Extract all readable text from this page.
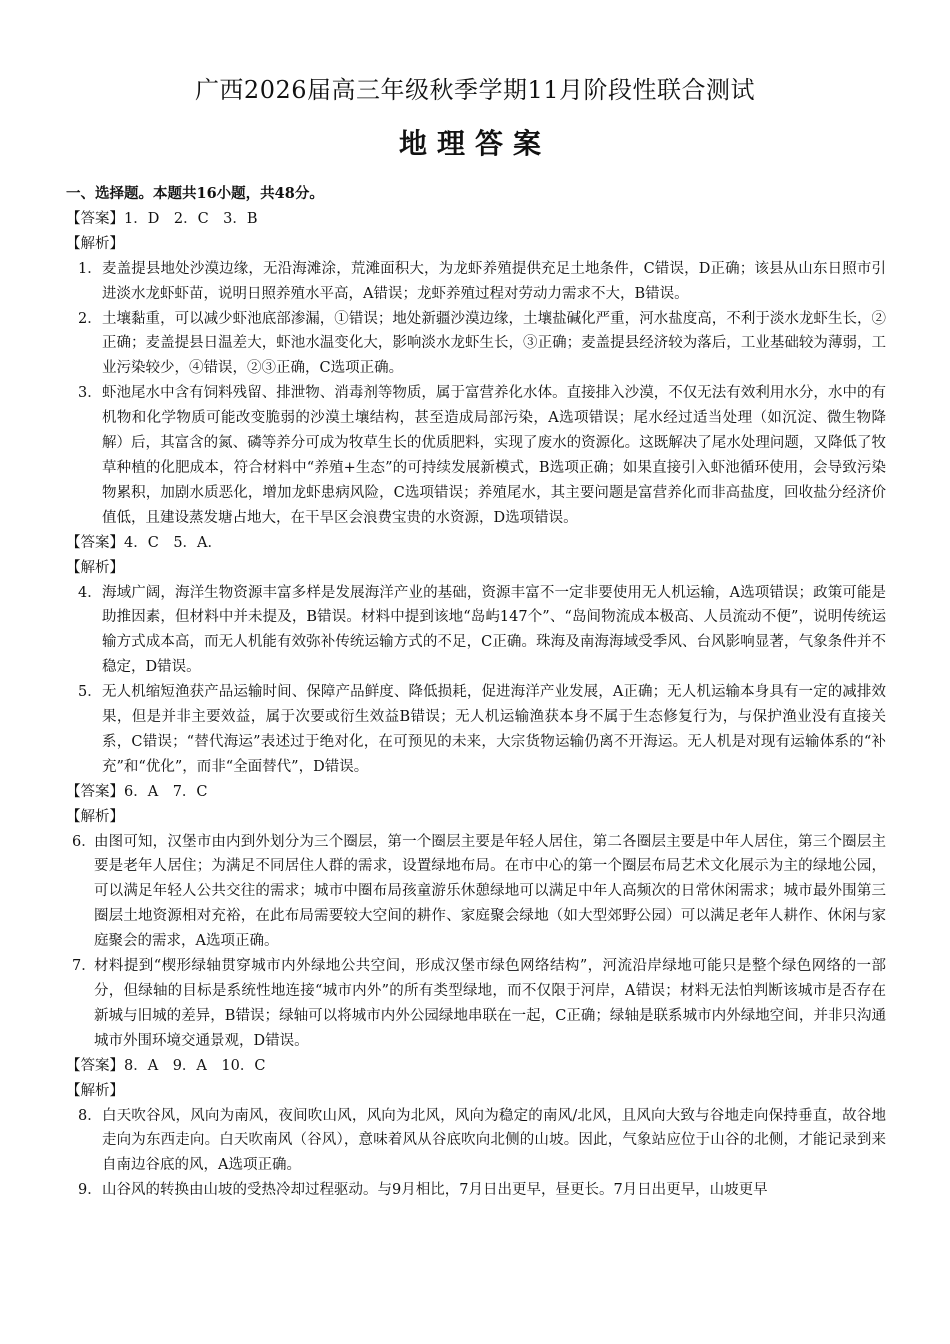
广西2026届高三年级秋季学期11月阶段性联合测试
地理答案
一、选择题。本题共16小题，共48分。
【答案】1．D　2．C　3．B
【解析】
1． 麦盖提县地处沙漠边缘，无沿海滩涂，荒滩面积大，为龙虾养殖提供充足土地条件，C错误，D正确；该县从山东日照市引进淡水龙虾虾苗，说明日照养殖水平高，A错误；龙虾养殖过程对劳动力需求不大，B错误。
2． 土壤黏重，可以减少虾池底部渗漏，①错误；地处新疆沙漠边缘，土壤盐碱化严重，河水盐度高，不利于淡水龙虾生长，②正确；麦盖提县日温差大，虾池水温变化大，影响淡水龙虾生长，③正确；麦盖提县经济较为落后，工业基础较为薄弱，工业污染较少，④错误，②③正确，C选项正确。
3． 虾池尾水中含有饲料残留、排泄物、消毒剂等物质，属于富营养化水体。直接排入沙漠，不仅无法有效利用水分，水中的有机物和化学物质可能改变脆弱的沙漠土壤结构，甚至造成局部污染，A选项错误；尾水经过适当处理（如沉淀、微生物降解）后，其富含的氮、磷等养分可成为牧草生长的优质肥料，实现了废水的资源化。这既解决了尾水处理问题，又降低了牧草种植的化肥成本，符合材料中“养殖+生态”的可持续发展新模式，B选项正确；如果直接引入虾池循环使用，会导致污染物累积，加剧水质恶化，增加龙虾患病风险，C选项错误；养殖尾水，其主要问题是富营养化而非高盐度，回收盐分经济价值低，且建设蒸发塘占地大，在干旱区会浪费宝贵的水资源，D选项错误。
【答案】4．C　5．A．
【解析】
4． 海域广阔，海洋生物资源丰富多样是发展海洋产业的基础，资源丰富不一定非要使用无人机运输，A选项错误；政策可能是助推因素，但材料中并未提及，B错误。材料中提到该地“岛屿147个”、“岛间物流成本极高、人员流动不便”，说明传统运输方式成本高，而无人机能有效弥补传统运输方式的不足，C正确。珠海及南海海域受季风、台风影响显著，气象条件并不稳定，D错误。
5． 无人机缩短渔获产品运输时间、保障产品鲜度、降低损耗，促进海洋产业发展，A正确；无人机运输本身具有一定的减排效果，但是并非主要效益，属于次要或衍生效益B错误；无人机运输渔获本身不属于生态修复行为，与保护渔业没有直接关系，C错误；“替代海运”表述过于绝对化，在可预见的未来，大宗货物运输仍离不开海运。无人机是对现有运输体系的“补充”和“优化”，而非“全面替代”，D错误。
【答案】6．A　7．C
【解析】
6．
由图可知，汉堡市由内到外划分为三个圈层，第一个圈层主要是年轻人居住，第二各圈层主要是中年人居住，第三个圈层主要是老年人居住；为满足不同居住人群的需求，设置绿地布局。在市中心的第一个圈层布局艺术文化展示为主的绿地公园，可以满足年轻人公共交往的需求；城市中圈布局孩童游乐休憩绿地可以满足中年人高频次的日常休闲需求；城市最外围第三圈层土地资源相对充裕，在此布局需要较大空间的耕作、家庭聚会绿地（如大型郊野公园）可以满足老年人耕作、休闲与家庭聚会的需求，A选项正确。
7．
材料提到“楔形绿轴贯穿城市内外绿地公共空间，形成汉堡市绿色网络结构”，河流沿岸绿地可能只是整个绿色网络的一部分，但绿轴的目标是系统性地连接“城市内外”的所有类型绿地，而不仅限于河岸，A错误；材料无法怕判断该城市是否存在新城与旧城的差异，B错误；绿轴可以将城市内外公园绿地串联在一起，C正确；绿轴是联系城市内外绿地空间，并非只沟通城市外围环境交通景观，D错误。
【答案】8．A　9．A　10．C
【解析】
8． 白天吹谷风，风向为南风，夜间吹山风，风向为北风，风向为稳定的南风/北风，且风向大致与谷地走向保持垂直，故谷地走向为东西走向。白天吹南风（谷风），意味着风从谷底吹向北侧的山坡。因此，气象站应位于山谷的北侧，才能记录到来自南边谷底的风，A选项正确。
9． 山谷风的转换由山坡的受热冷却过程驱动。与9月相比，7月日出更早，昼更长。7月日出更早，山坡更早
